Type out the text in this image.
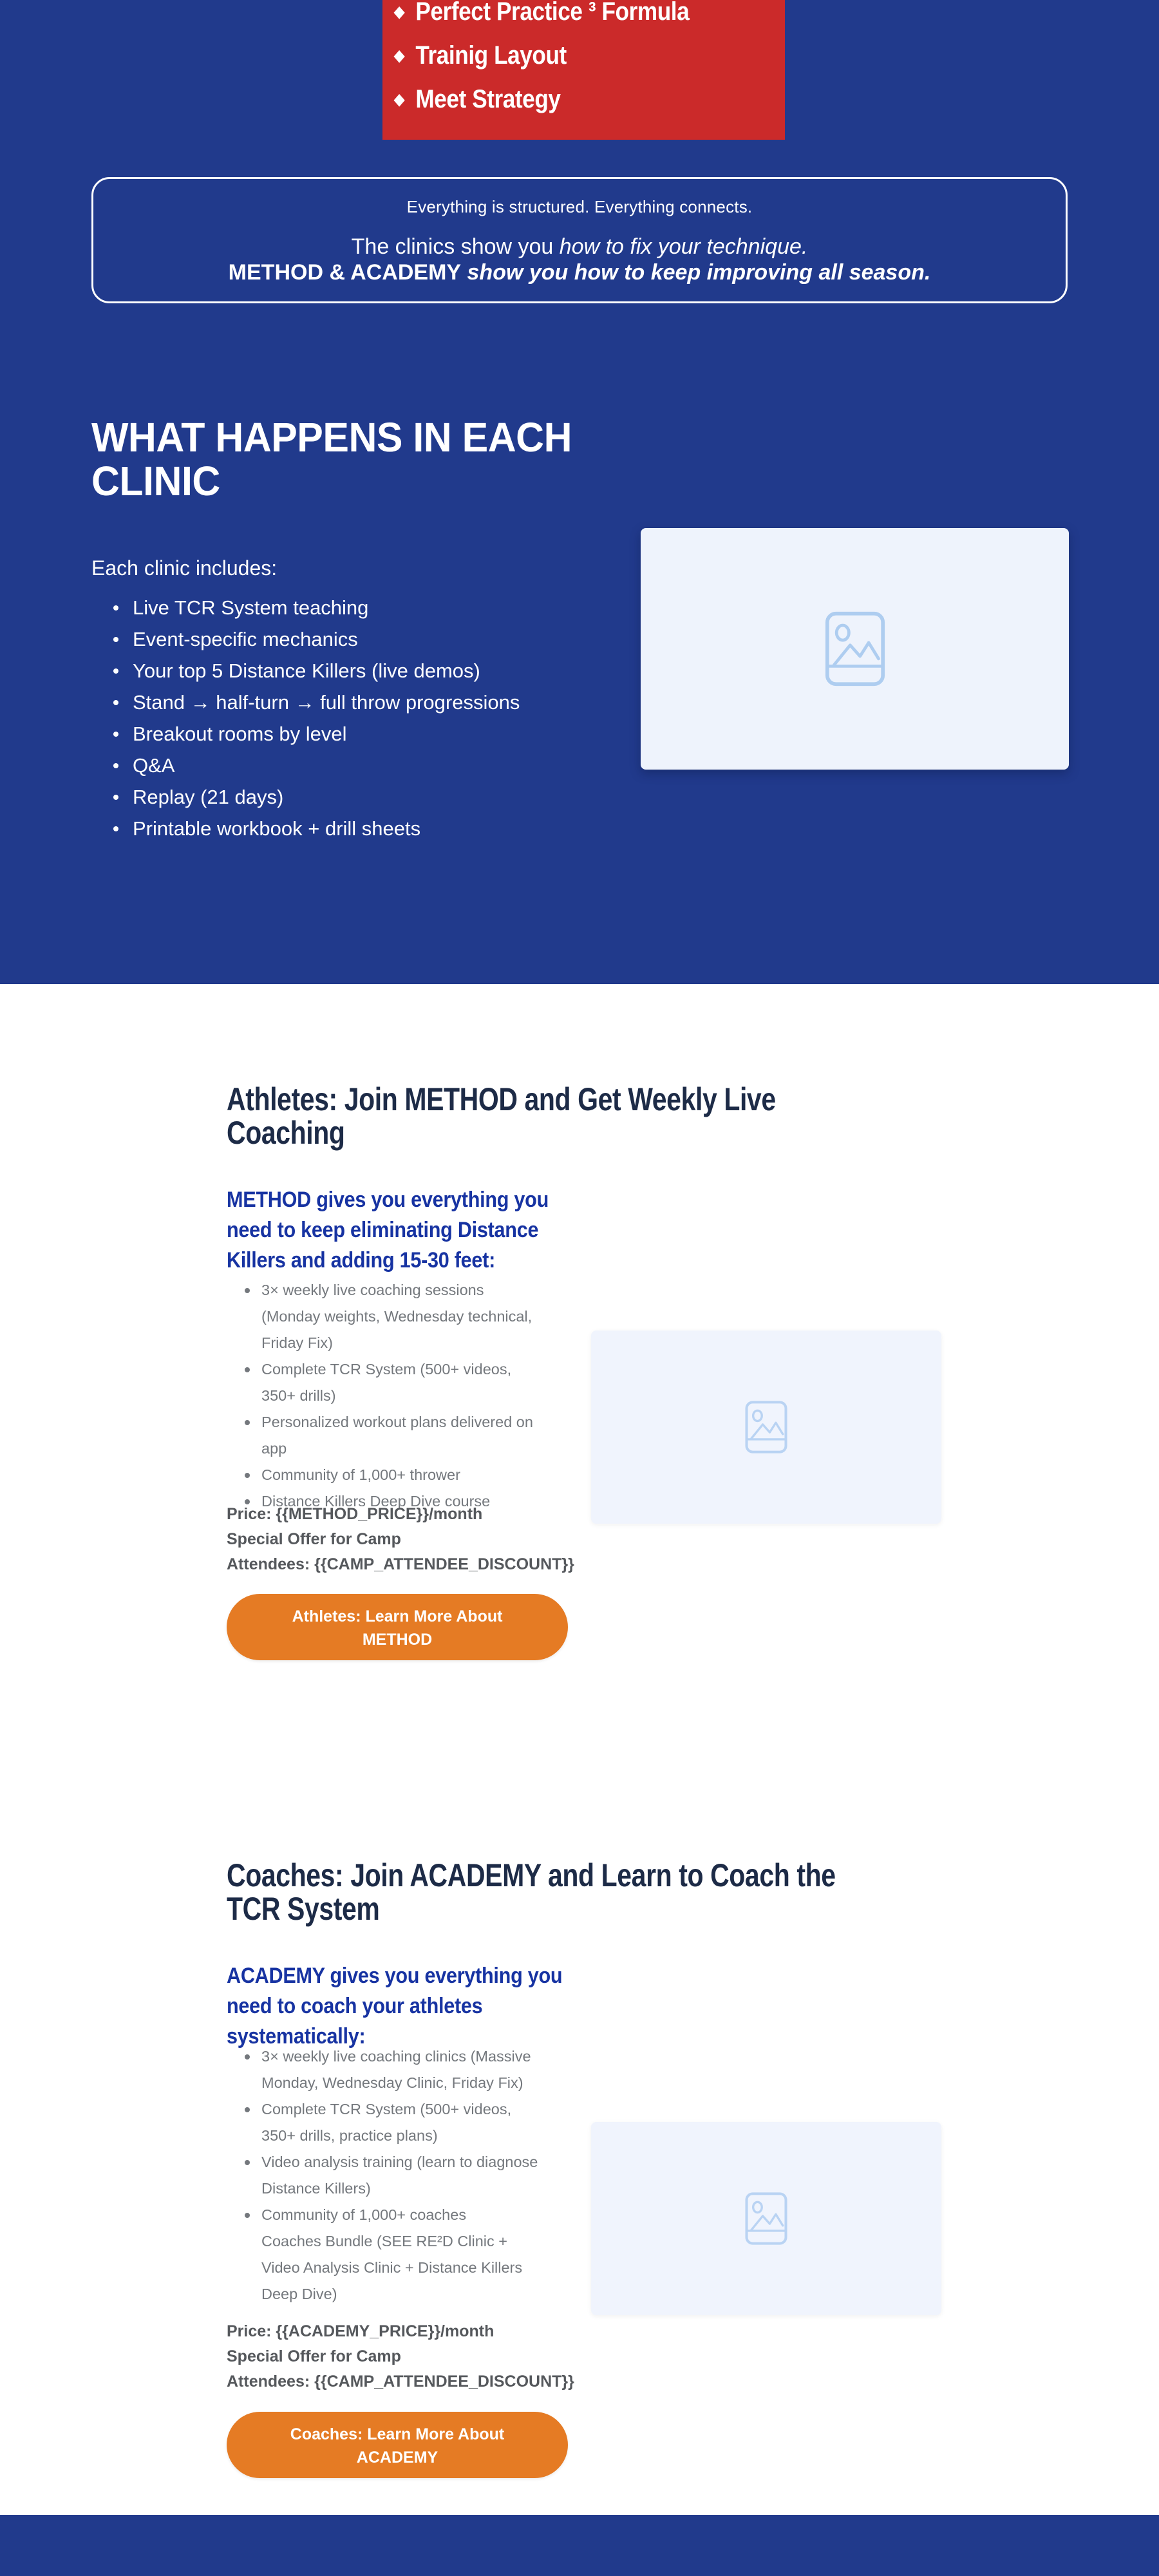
◆ Perfect Practice ³ Formula
◆ Trainig Layout
◆ Meet Strategy
Everything is structured. Everything connects.
The clinics show you how to fix your technique.
METHOD & ACADEMY show you how to keep improving all season.
WHAT HAPPENS IN EACH
CLINIC
Each clinic includes:
Live TCR System teaching
Event-specific mechanics
Your top 5 Distance Killers (live demos)
Stand → half-turn → full throw progressions
Breakout rooms by level
Q&A
Replay (21 days)
Printable workbook + drill sheets
Athletes: Join METHOD and Get Weekly Live
Coaching
METHOD gives you everything you
need to keep eliminating Distance
Killers and adding 15-30 feet:
3× weekly live coaching sessions (Monday weights, Wednesday technical, Friday Fix)
Complete TCR System (500+ videos, 350+ drills)
Personalized workout plans delivered on app
Community of 1,000+ thrower
Distance Killers Deep Dive course
Price: {{METHOD_PRICE}}/month
Special Offer for Camp
Attendees: {{CAMP_ATTENDEE_DISCOUNT}}
Athletes: Learn More About
METHOD
Coaches: Join ACADEMY and Learn to Coach the
TCR System
ACADEMY gives you everything you
need to coach your athletes
systematically:
3× weekly live coaching clinics (Massive Monday, Wednesday Clinic, Friday Fix)
Complete TCR System (500+ videos, 350+ drills, practice plans)
Video analysis training (learn to diagnose Distance Killers)
Community of 1,000+ coaches
Coaches Bundle (SEE RE²D Clinic + Video Analysis Clinic + Distance Killers Deep Dive)
Price: {{ACADEMY_PRICE}}/month
Special Offer for Camp
Attendees: {{CAMP_ATTENDEE_DISCOUNT}}
Coaches: Learn More About
ACADEMY
